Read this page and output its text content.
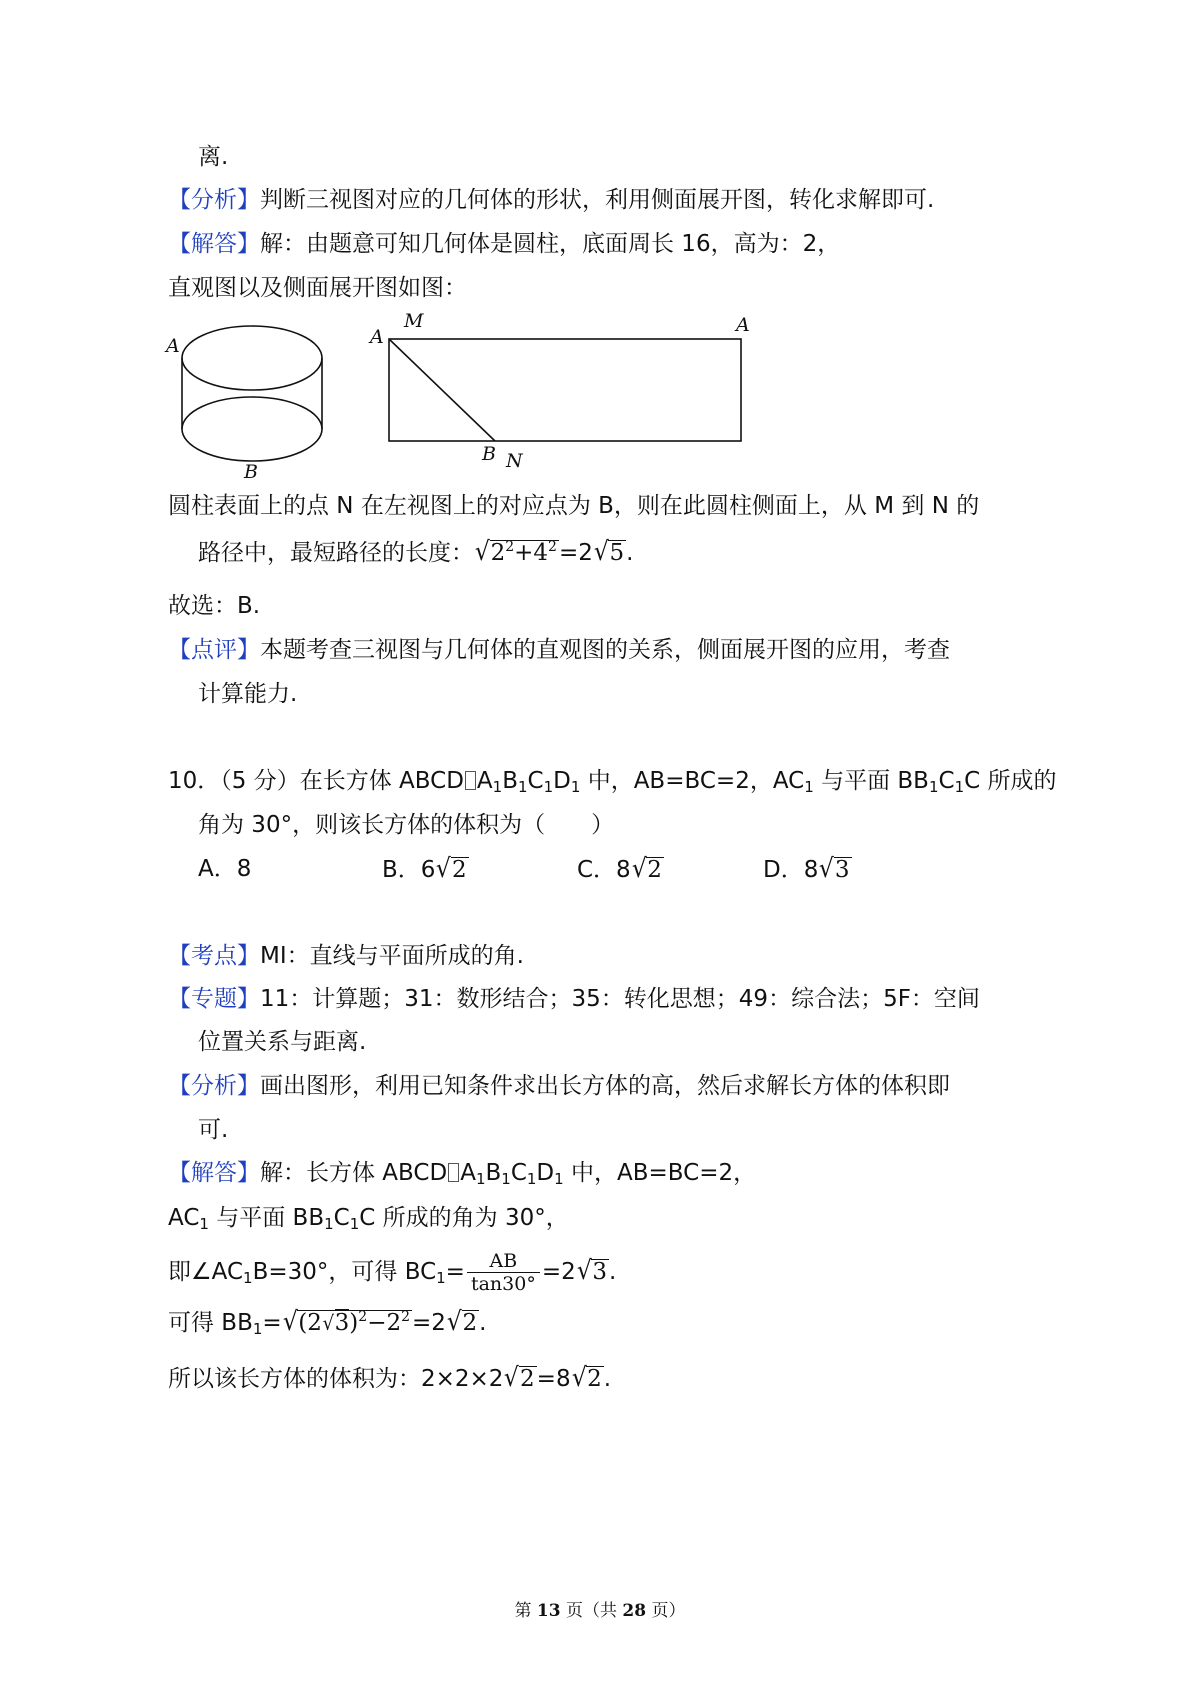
离.
【分析】判断三视图对应的几何体的形状，利用侧面展开图，转化求解即可.
【解答】解：由题意可知几何体是圆柱，底面周长 16，高为：2，
直观图以及侧面展开图如图：
A
B
A
M	A
B N
圆柱表面上的点 N 在左视图上的对应点为 B，则在此圆柱侧面上，从 M 到 N 的
路径中，最短路径的长度：$√2^2+4^2=2√5$.
故选：B.
【点评】本题考查三视图与几何体的直观图的关系，侧面展开图的应用，考查
计算能力.
10．（5 分）在长方体 ABCD $A_1B_1C_1D_1$ 中，AB=BC=2，$AC_1$ 与平面 $BB_1C_1C$ 所成的
角为 30°，则该长方体的体积为（　　）
A．8	B．6√2	C．8√2	D．8√3
【考点】MI：直线与平面所成的角.
【专题】11：计算题；31：数形结合；35：转化思想；49：综合法；5F：空间
位置关系与距离.
【分析】画出图形，利用已知条件求出长方体的高，然后求解长方体的体积即
可.
【解答】解：长方体 ABCD $A_1B_1C_1D_1$ 中，AB=BC=2，
$AC_1$ 与平面 $BB_1C_1C$ 所成的角为 30°，
即$\angle AC_1B=30^\circ$，可得 $BC_1= \frac{AB}{\tan 30^\circ} =2√3$.
可得 $BB_1=√(2√3)^2-2^2=2√2$.
所以该长方体的体积为：2×2×2√2=8√2.
第 13 页（共 28 页）
